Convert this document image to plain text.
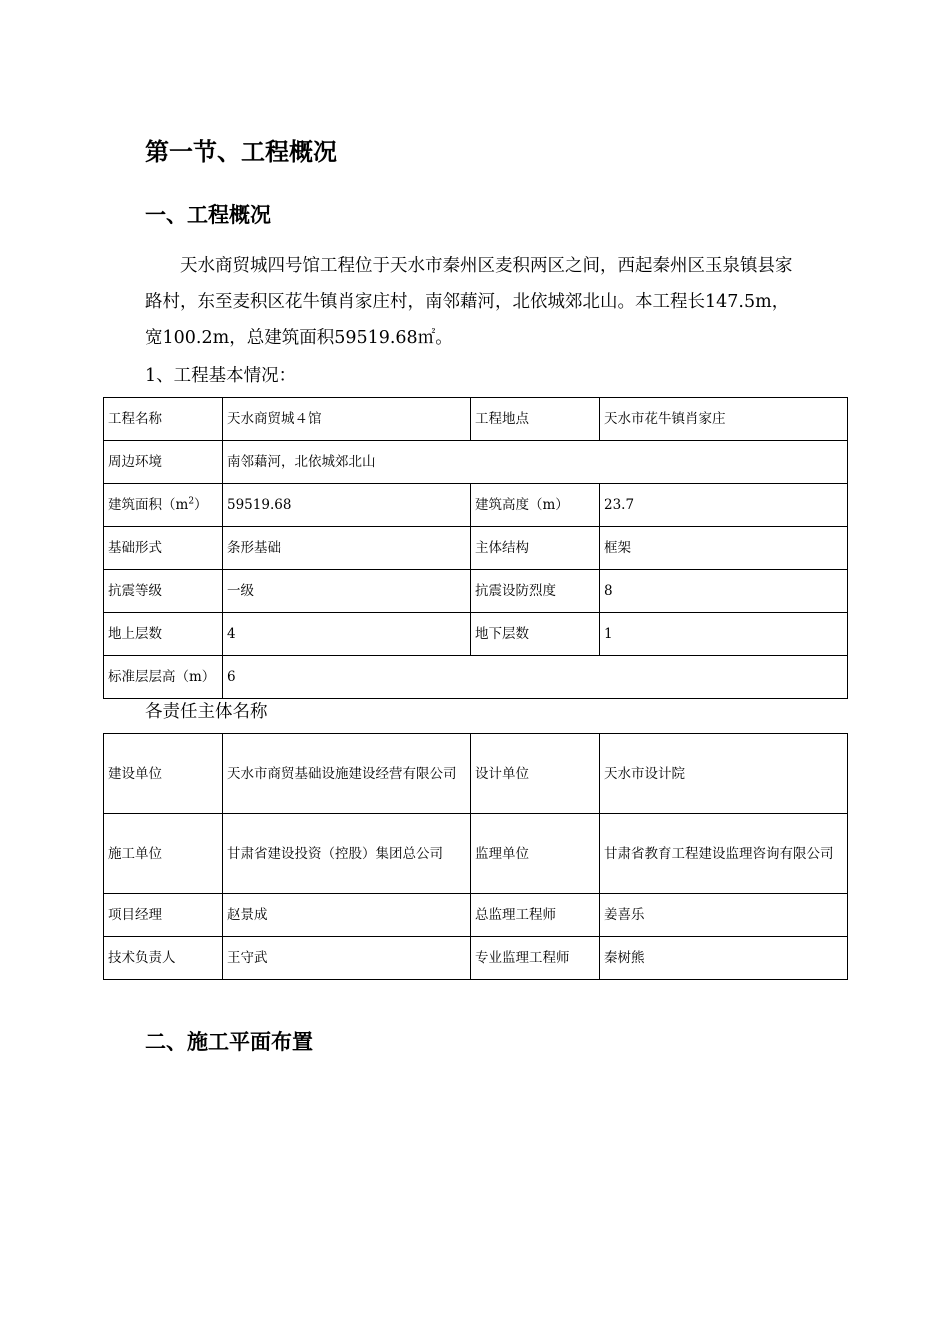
第一节、工程概况
一、工程概况
天水商贸城四号馆工程位于天水市秦州区麦积两区之间，西起秦州区玉泉镇县家路村，东至麦积区花牛镇肖家庄村，南邻藉河，北依城郊北山。本工程长147.5m，宽100.2m，总建筑面积59519.68㎡。
1、工程基本情况：
工程名称	天水商贸城４馆	工程地点	天水市花牛镇肖家庄
周边环境	南邻藉河，北依城郊北山		
建筑面积$(m^2)$	59519.68	建筑高度（m）	23.7
基础形式	条形基础	主体结构	框架
抗震等级	一级	抗震设防烈度	8
地上层数	4	地下层数	1
标准层层高（m）	6		
各责任主体名称
建设单位	天水市商贸基础设施建设经营有限公司	设计单位	天水市设计院
施工单位	甘肃省建设投资（控股）集团总公司	监理单位	甘肃省教育工程建设监理咨询有限公司
项目经理	赵景成	总监理工程师	姜喜乐
技术负责人	王守武	专业监理工程师	秦树熊
二、施工平面布置
